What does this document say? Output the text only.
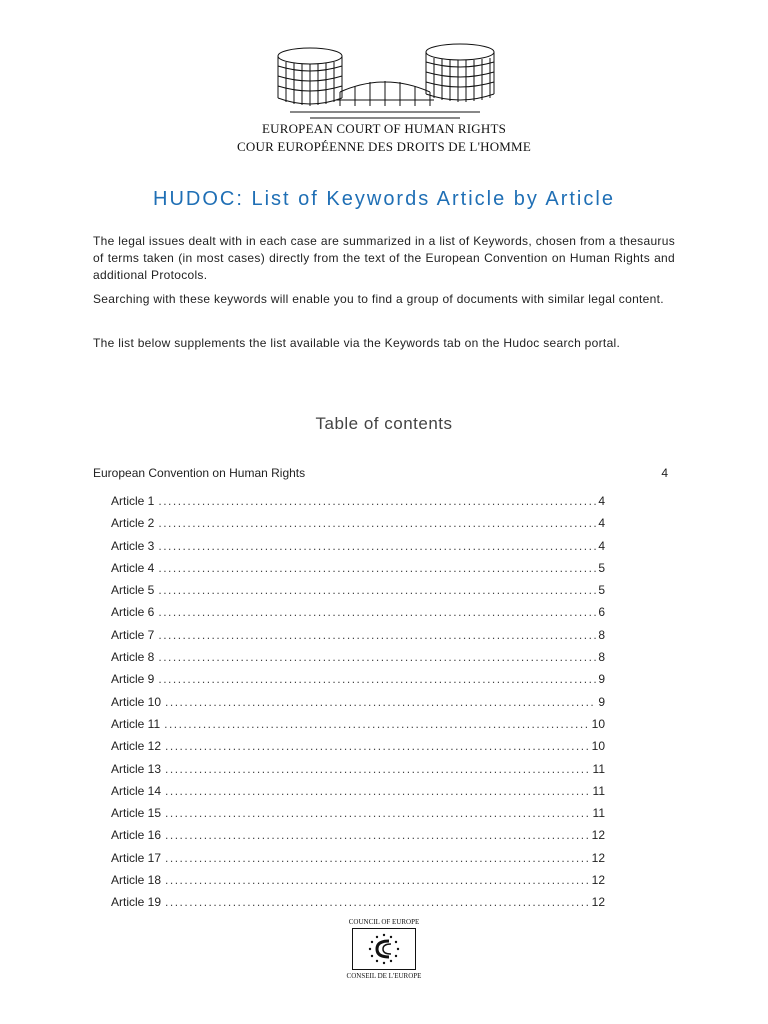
EUROPEAN COURT OF HUMAN RIGHTS
COUR EUROPÉENNE DES DROITS DE L'HOMME
HUDOC: List of Keywords Article by Article
The legal issues dealt with in each case are summarized in a list of Keywords, chosen from a thesaurus of terms taken (in most cases) directly from the text of the European Convention on Human Rights and additional Protocols.
Searching with these keywords will enable you to find a group of documents with similar legal content.
The list below supplements the list available via the Keywords tab on the Hudoc search portal.
Table of contents
European Convention on Human Rights	4
Article 1 .....	4
Article 2 .....	4
Article 3 .....	4
Article 4 .....	5
Article 5 .....	5
Article 6 .....	6
Article 7 .....	8
Article 8 .....	8
Article 9 .....	9
Article 10 .....	9
Article 11 .....	10
Article 12 .....	10
Article 13 .....	11
Article 14 .....	11
Article 15 .....	11
Article 16 .....	12
Article 17 .....	12
Article 18 .....	12
Article 19 .....	12
COUNCIL OF EUROPE
CONSEIL DE L'EUROPE
